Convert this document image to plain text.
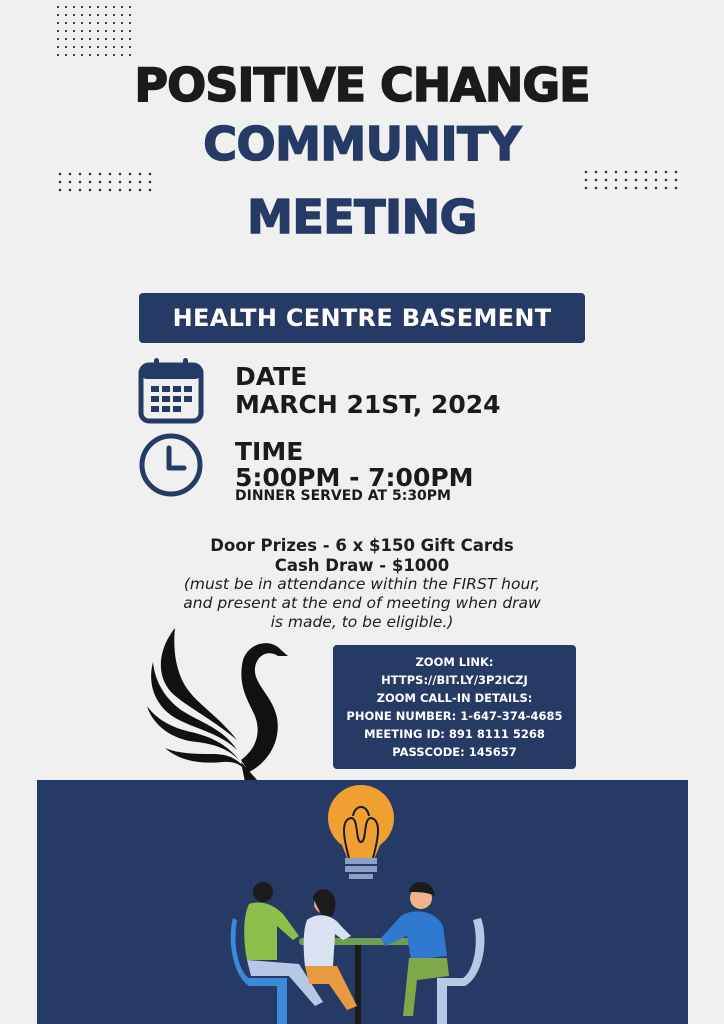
POSITIVE CHANGE
COMMUNITY
MEETING
HEALTH CENTRE BASEMENT
DATE
MARCH 21ST, 2024
TIME
5:00PM - 7:00PM
DINNER SERVED AT 5:30PM
Door Prizes - 6 x $150 Gift Cards
Cash Draw - $1000
(must be in attendance within the FIRST hour,
and present at the end of meeting when draw
is made, to be eligible.)
ZOOM LINK:
HTTPS://BIT.LY/3P2ICZJ
ZOOM CALL-IN DETAILS:
PHONE NUMBER: 1-647-374-4685
MEETING ID: 891 8111 5268
PASSCODE: 145657
